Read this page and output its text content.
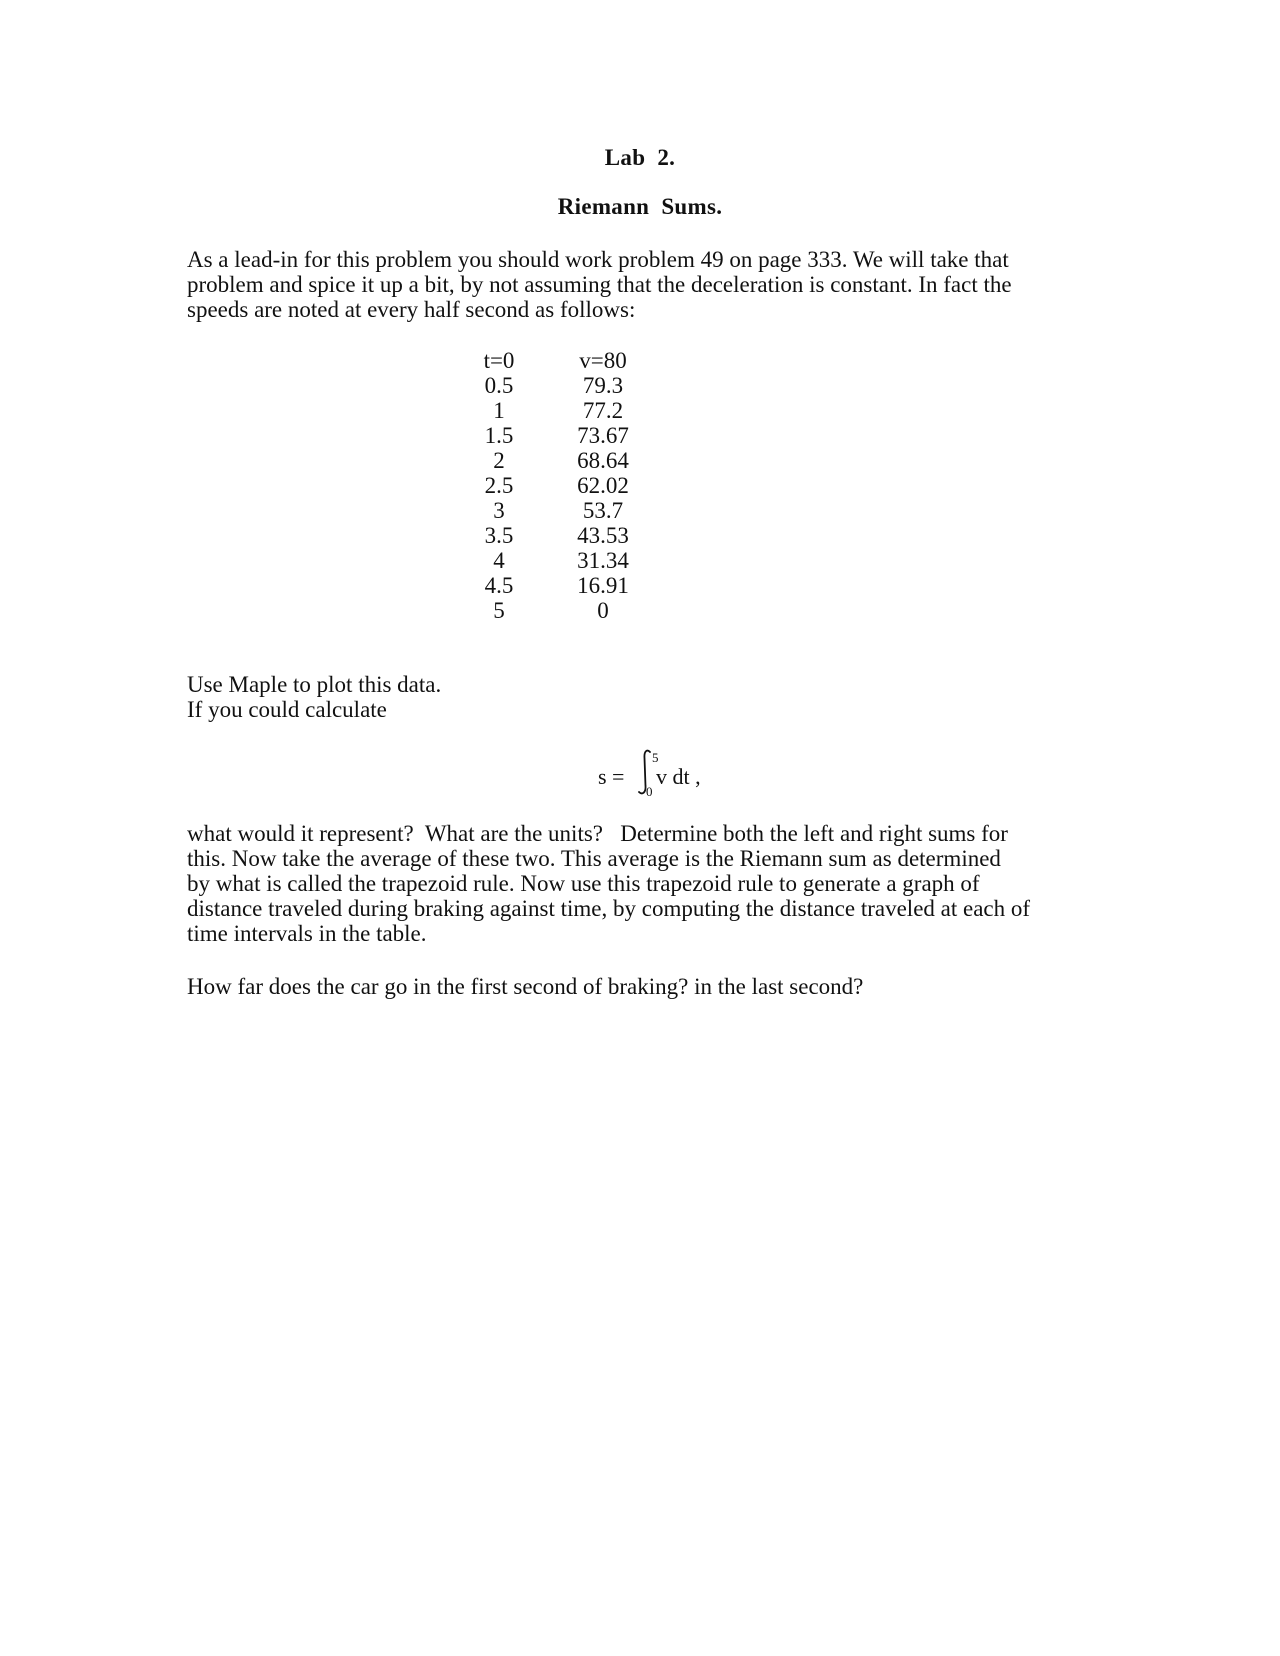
Lab 2.
Riemann Sums.
As a lead-in for this problem you should work problem 49 on page 333. We will take that
problem and spice it up a bit, by not assuming that the deceleration is constant. In fact the
speeds are noted at every half second as follows:
t=0		v=80
0.5		79.3
1		77.2
1.5		73.67
2		68.64
2.5		62.02
3		53.7
3.5		43.53
4		31.34
4.5		16.91
5		0
Use Maple to plot this data.
If you could calculate
s =
5
0
v dt ,
what would it represent?  What are the units?   Determine both the left and right sums for
this. Now take the average of these two. This average is the Riemann sum as determined
by what is called the trapezoid rule. Now use this trapezoid rule to generate a graph of
distance traveled during braking against time, by computing the distance traveled at each of
time intervals in the table.
How far does the car go in the first second of braking? in the last second?
